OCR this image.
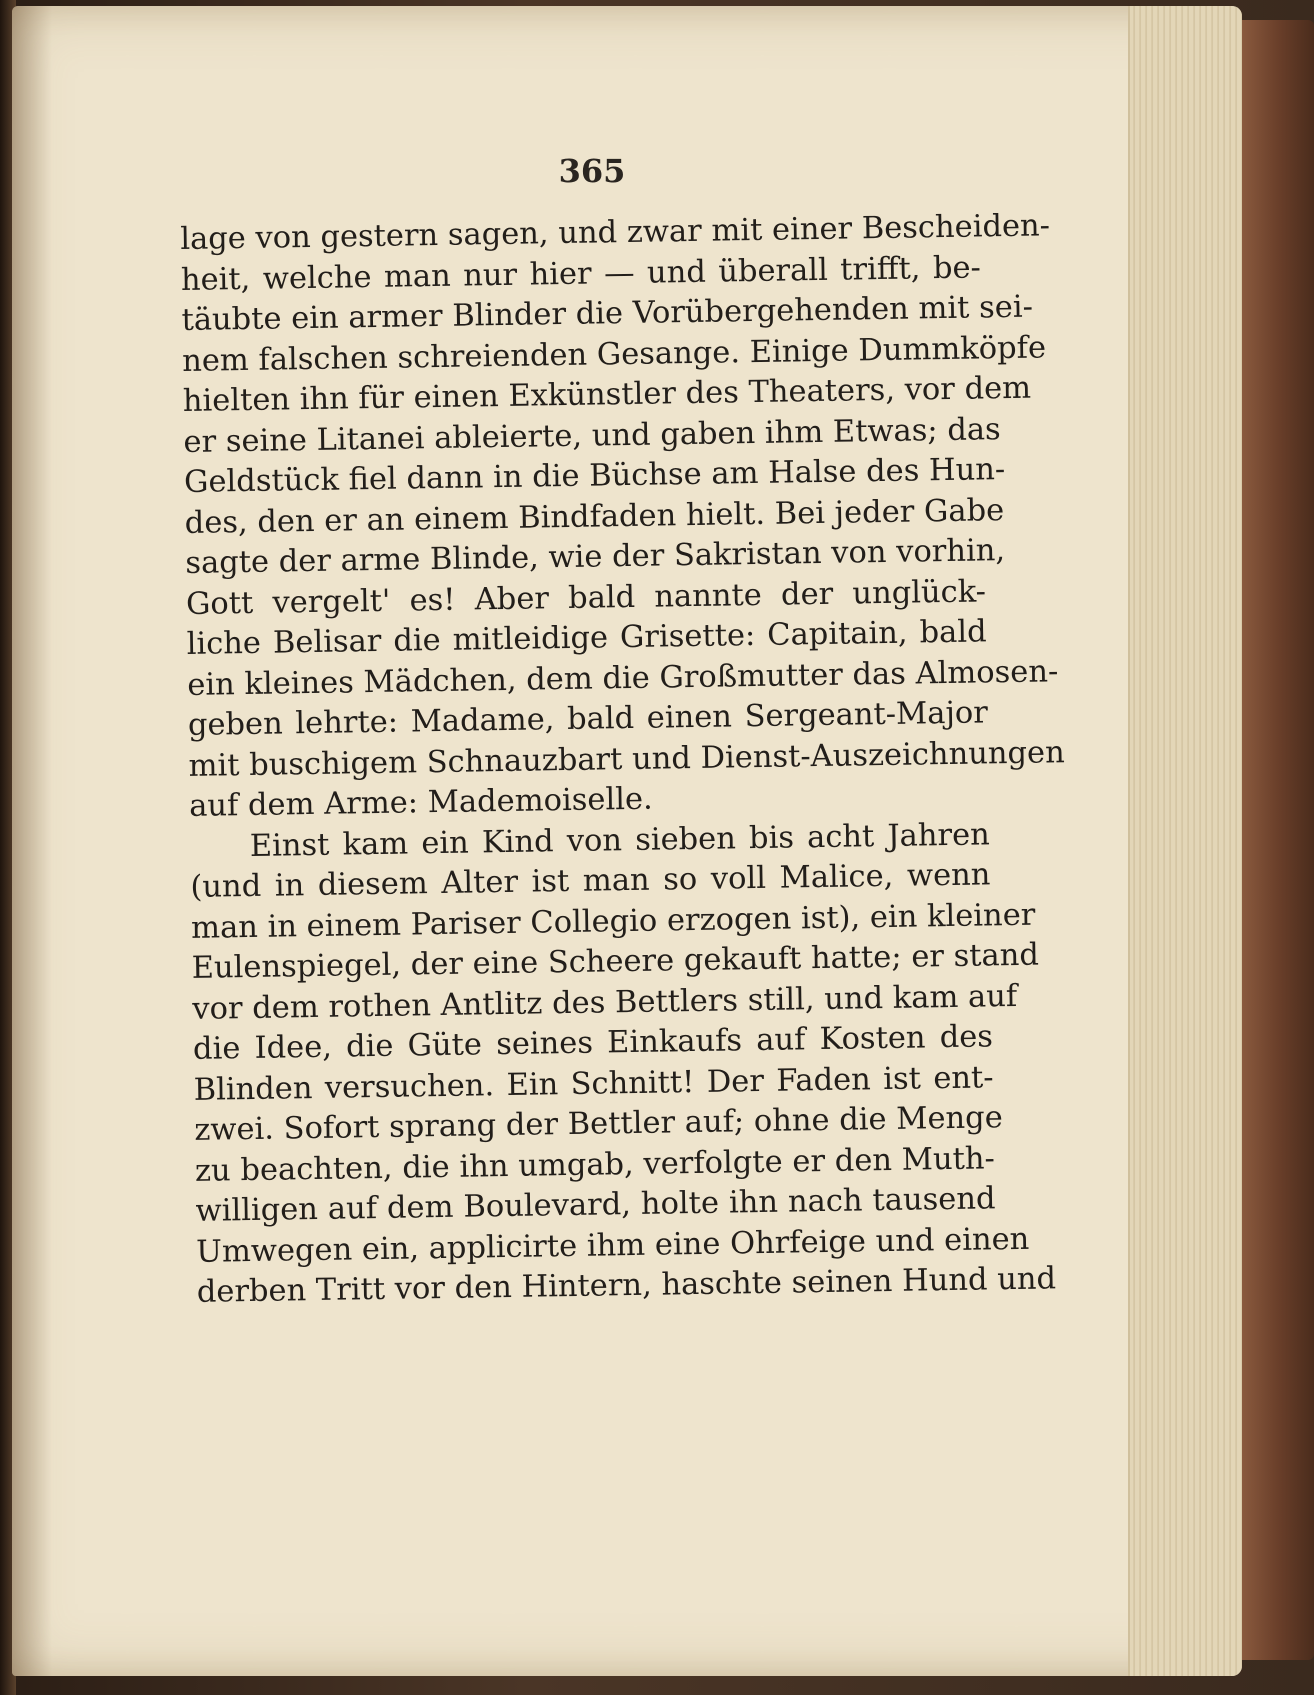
365
lage von gestern sagen, und zwar mit einer Bescheiden-
heit, welche man nur hier — und überall trifft, be-
täubte ein armer Blinder die Vorübergehenden mit sei-
nem falschen schreienden Gesange. Einige Dummköpfe
hielten ihn für einen Exkünstler des Theaters, vor dem
er seine Litanei ableierte, und gaben ihm Etwas; das
Geldstück fiel dann in die Büchse am Halse des Hun-
des, den er an einem Bindfaden hielt. Bei jeder Gabe
sagte der arme Blinde, wie der Sakristan von vorhin,
Gott vergelt' es! Aber bald nannte der unglück-
liche Belisar die mitleidige Grisette: Capitain, bald
ein kleines Mädchen, dem die Großmutter das Almosen-
geben lehrte: Madame, bald einen Sergeant-Major
mit buschigem Schnauzbart und Dienst-Auszeichnungen
auf dem Arme: Mademoiselle.
Einst kam ein Kind von sieben bis acht Jahren
(und in diesem Alter ist man so voll Malice, wenn
man in einem Pariser Collegio erzogen ist), ein kleiner
Eulenspiegel, der eine Scheere gekauft hatte; er stand
vor dem rothen Antlitz des Bettlers still, und kam auf
die Idee, die Güte seines Einkaufs auf Kosten des
Blinden versuchen. Ein Schnitt! Der Faden ist ent-
zwei. Sofort sprang der Bettler auf; ohne die Menge
zu beachten, die ihn umgab, verfolgte er den Muth-
willigen auf dem Boulevard, holte ihn nach tausend
Umwegen ein, applicirte ihm eine Ohrfeige und einen
derben Tritt vor den Hintern, haschte seinen Hund und
